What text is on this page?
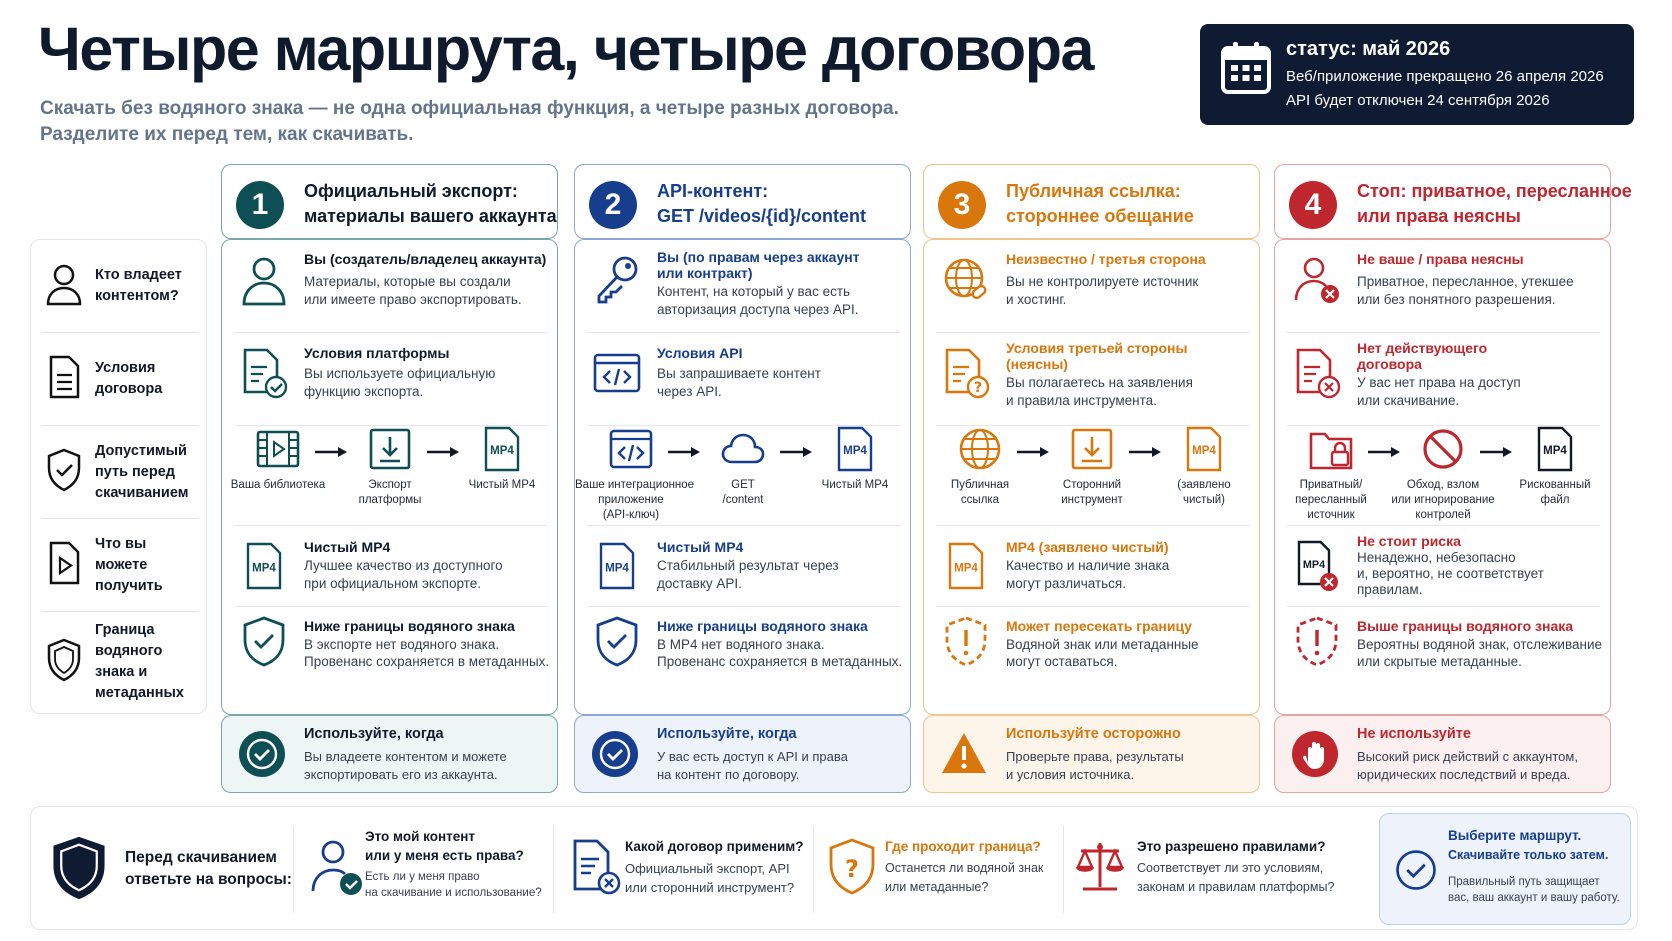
Четыре маршрута, четыре договора
Скачать без водяного знака — не одна официальная функция, а четыре разных договора.
Разделите их перед тем, как скачивать.
статус: май 2026
Веб/приложение прекращено 26 апреля 2026
API будет отключен 24 сентября 2026
Кто владеет контентом?
Условия договора
Допустимый путь перед скачиванием
Что вы можете получить
Граница водяного знака и метаданных
1	Официальный экспорт:
материалы вашего аккаунта
Вы (создатель/владелец аккаунта)
Материалы, которые вы создали
или имеете право экспортировать.
Условия платформы
Вы используете официальную
функцию экспорта.
Ваша библиотека	Экспорт
платформы
MP4
Чистый MP4
MP4
Чистый MP4
Лучшее качество из доступного
при официальном экспорте.
Ниже границы водяного знака
В экспорте нет водяного знака.
Провенанс сохраняется в метаданных.
Используйте, когда
Вы владеете контентом и можете
экспортировать его из аккаунта.
2	API-контент:
GET /videos/{id}/content
Вы (по правам через аккаунт
или контракт)
Контент, на который у вас есть
авторизация доступа через API.
Условия API
Вы запрашиваете контент
через API.
Ваше интеграционное
приложение
(API-ключ)
GET
/content
MP4
Чистый MP4
MP4
Чистый MP4
Стабильный результат через
доставку API.
Ниже границы водяного знака
В MP4 нет водяного знака.
Провенанс сохраняется в метаданных.
Используйте, когда
У вас есть доступ к API и права
на контент по договору.
3	Публичная ссылка:
стороннее обещание
Неизвестно / третья сторона
Вы не контролируете источник
и хостинг.
?
Условия третьей стороны
(неясны)
Вы полагаетесь на заявления
и правила инструмента.
Публичная
ссылка
Сторонний
инструмент
MP4
(заявлено
чистый)
MP4
MP4 (заявлено чистый)
Качество и наличие знака
могут различаться.
Может пересекать границу
Водяной знак или метаданные
могут оставаться.
Используйте осторожно
Проверьте права, результаты
и условия источника.
4	Стоп: приватное, пересланное
или права неясны
Не ваше / права неясны
Приватное, пересланное, утекшее
или без понятного разрешения.
Нет действующего
договора
У вас нет права на доступ
или скачивание.
Приватный/
пересланный
источник
Обход, взлом
или игнорирование
контролей
MP4
Рискованный
файл
MP4
Не стоит риска
Ненадежно, небезопасно
и, вероятно, не соответствует
правилам.
Выше границы водяного знака
Вероятны водяной знак, отслеживание
или скрытые метаданные.
Не используйте
Высокий риск действий с аккаунтом,
юридических последствий и вреда.
Перед скачиванием
ответьте на вопросы:
Это мой контент
или у меня есть права?
Есть ли у меня право
на скачивание и использование?
Какой договор применим?
Официальный экспорт, API
или сторонний инструмент?
?
Где проходит граница?
Останется ли водяной знак
или метаданные?
Это разрешено правилами?
Соответствует ли это условиям,
законам и правилам платформы?
Выберите маршрут.
Скачивайте только затем.
Правильный путь защищает
вас, ваш аккаунт и вашу работу.
